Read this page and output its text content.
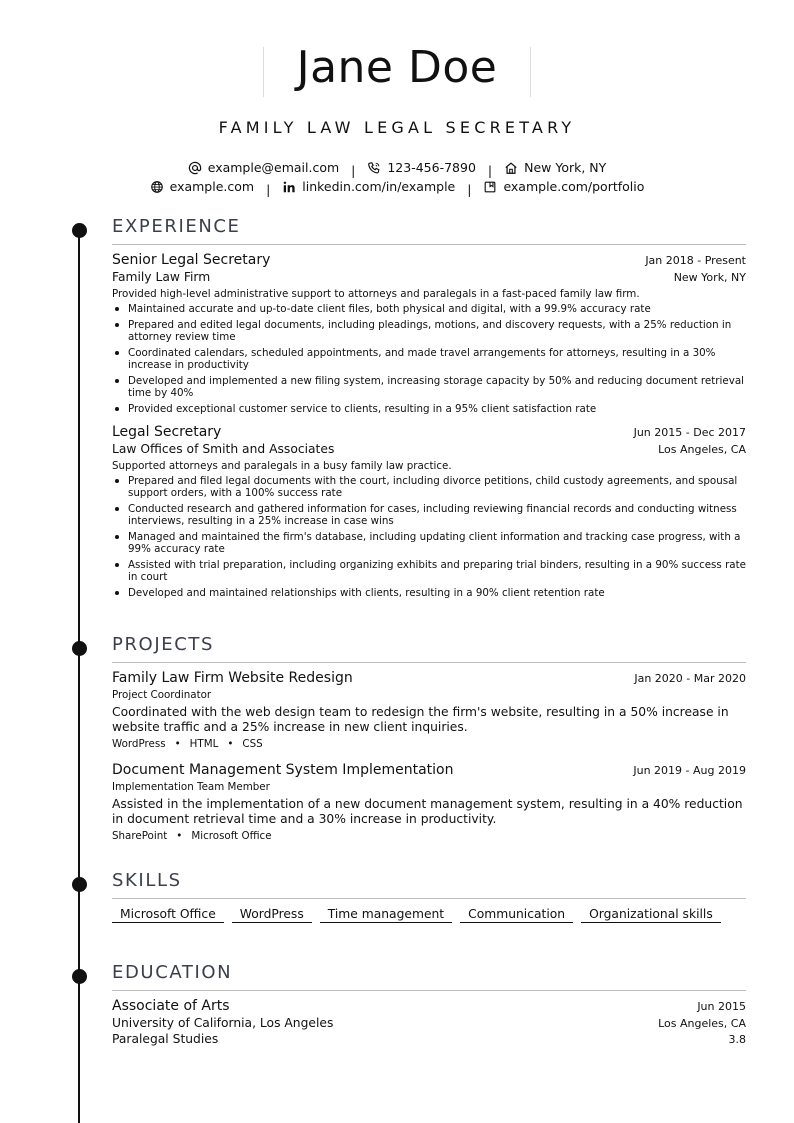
Jane Doe
FAMILY LAW LEGAL SECRETARY
example@email.com |	123-456-7890 |	New York, NY
example.com |	linkedin.com/in/example |	example.com/portfolio
EXPERIENCE
Senior Legal Secretary	Jan 2018 - Present
Family Law Firm	New York, NY
Provided high-level administrative support to attorneys and paralegals in a fast-paced family law firm.
Maintained accurate and up-to-date client files, both physical and digital, with a 99.9% accuracy rate
Prepared and edited legal documents, including pleadings, motions, and discovery requests, with a 25% reduction in attorney review time
Coordinated calendars, scheduled appointments, and made travel arrangements for attorneys, resulting in a 30% increase in productivity
Developed and implemented a new filing system, increasing storage capacity by 50% and reducing document retrieval time by 40%
Provided exceptional customer service to clients, resulting in a 95% client satisfaction rate
Legal Secretary	Jun 2015 - Dec 2017
Law Offices of Smith and Associates	Los Angeles, CA
Supported attorneys and paralegals in a busy family law practice.
Prepared and filed legal documents with the court, including divorce petitions, child custody agreements, and spousal support orders, with a 100% success rate
Conducted research and gathered information for cases, including reviewing financial records and conducting witness interviews, resulting in a 25% increase in case wins
Managed and maintained the firm's database, including updating client information and tracking case progress, with a 99% accuracy rate
Assisted with trial preparation, including organizing exhibits and preparing trial binders, resulting in a 90% success rate in court
Developed and maintained relationships with clients, resulting in a 90% client retention rate
PROJECTS
Family Law Firm Website Redesign	Jan 2020 - Mar 2020
Project Coordinator
Coordinated with the web design team to redesign the firm's website, resulting in a 50% increase in website traffic and a 25% increase in new client inquiries.
WordPress • HTML • CSS
Document Management System Implementation	Jun 2019 - Aug 2019
Implementation Team Member
Assisted in the implementation of a new document management system, resulting in a 40% reduction in document retrieval time and a 30% increase in productivity.
SharePoint • Microsoft Office
SKILLS
Microsoft Office	WordPress	Time management	Communication	Organizational skills
EDUCATION
Associate of Arts	Jun 2015
University of California, Los Angeles	Los Angeles, CA
Paralegal Studies	3.8
